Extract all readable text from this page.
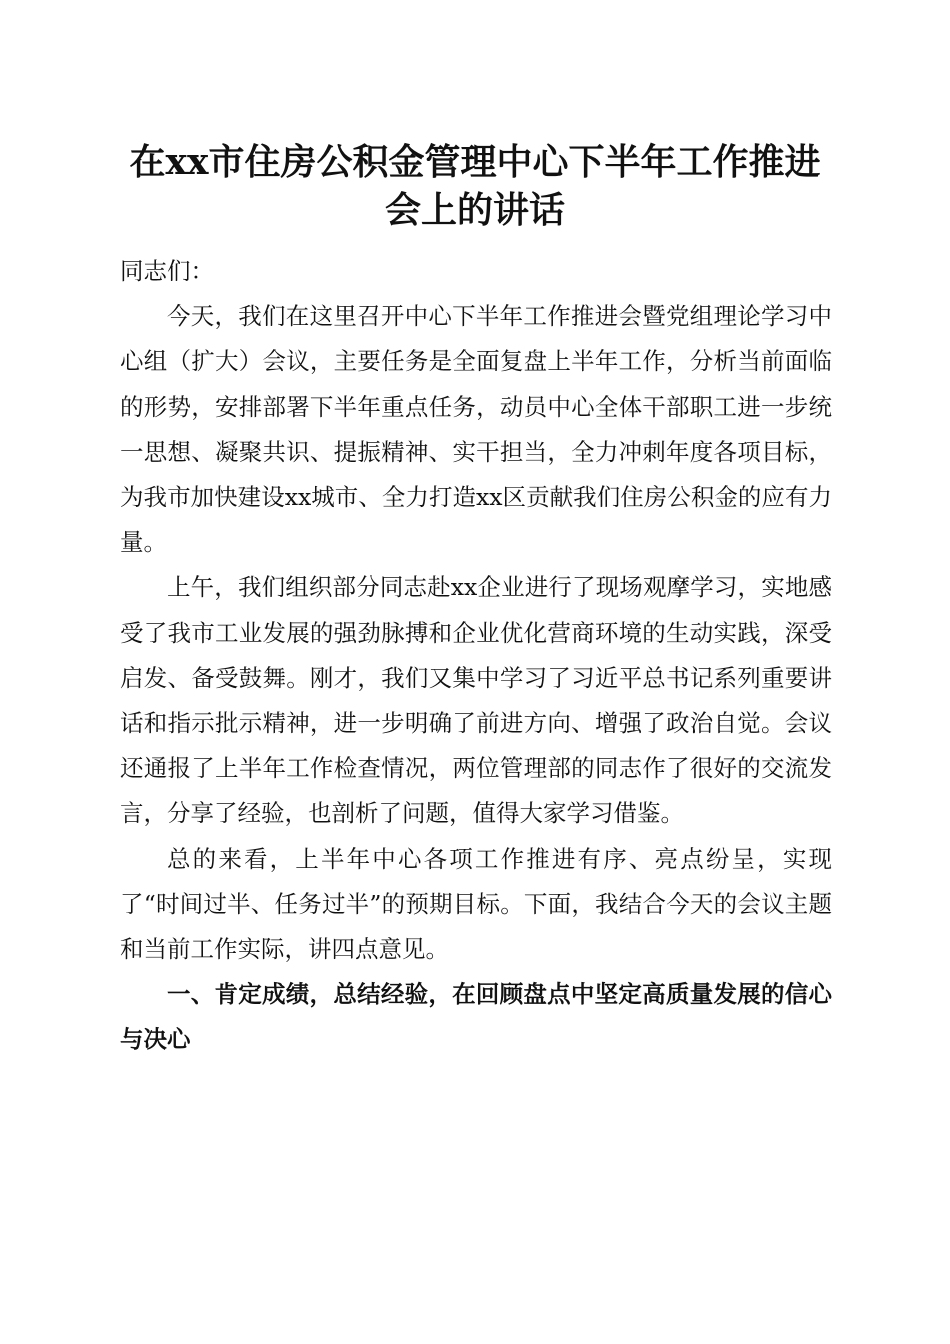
在xx市住房公积金管理中心下半年工作推进
会上的讲话

同志们：

今天，我们在这里召开中心下半年工作推进会暨党组理论学习中心组（扩大）会议，主要任务是全面复盘上半年工作，分析当前面临的形势，安排部署下半年重点任务，动员中心全体干部职工进一步统一思想、凝聚共识、提振精神、实干担当，全力冲刺年度各项目标，为我市加快建设xx城市、全力打造xx区贡献我们住房公积金的应有力量。

上午，我们组织部分同志赴xx企业进行了现场观摩学习，实地感受了我市工业发展的强劲脉搏和企业优化营商环境的生动实践，深受启发、备受鼓舞。刚才，我们又集中学习了习近平总书记系列重要讲话和指示批示精神，进一步明确了前进方向、增强了政治自觉。会议还通报了上半年工作检查情况，两位管理部的同志作了很好的交流发言，分享了经验，也剖析了问题，值得大家学习借鉴。

总的来看，上半年中心各项工作推进有序、亮点纷呈，实现了“时间过半、任务过半”的预期目标。下面，我结合今天的会议主题和当前工作实际，讲四点意见。

一、肯定成绩，总结经验，在回顾盘点中坚定高质量发展的信心与决心
